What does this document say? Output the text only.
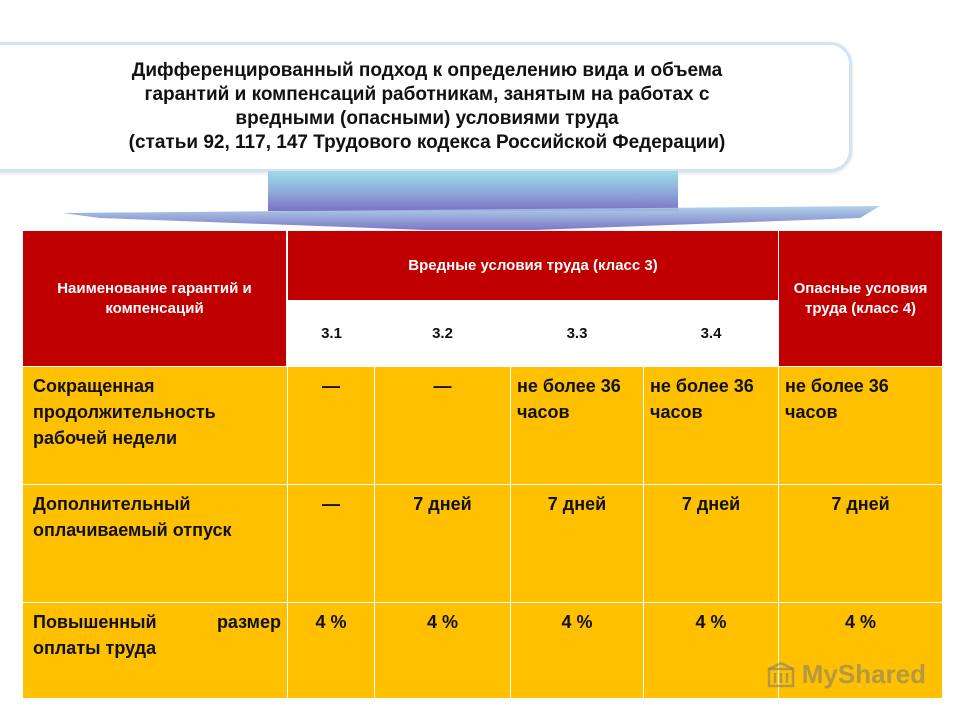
Дифференцированный подход к определению вида и объема
гарантий и компенсаций работникам, занятым на работах с
вредными (опасными) условиями труда
(статьи 92, 117, 147 Трудового кодекса Российской Федерации)
Наименование гарантий и компенсаций	Вредные условия труда (класс 3)				Опасные условия труда (класс 4)
	3.1	3.2	3.3	3.4	
Сокращенная продолжительность рабочей недели	—	—	не более 36 часов	не более 36 часов	не более 36 часов
Дополнительный оплачиваемый отпуск	—	7 дней	7 дней	7 дней	7 дней
Повышенный размер оплаты труда	4 %	4 %	4 %	4 %	4 %
MyShared
